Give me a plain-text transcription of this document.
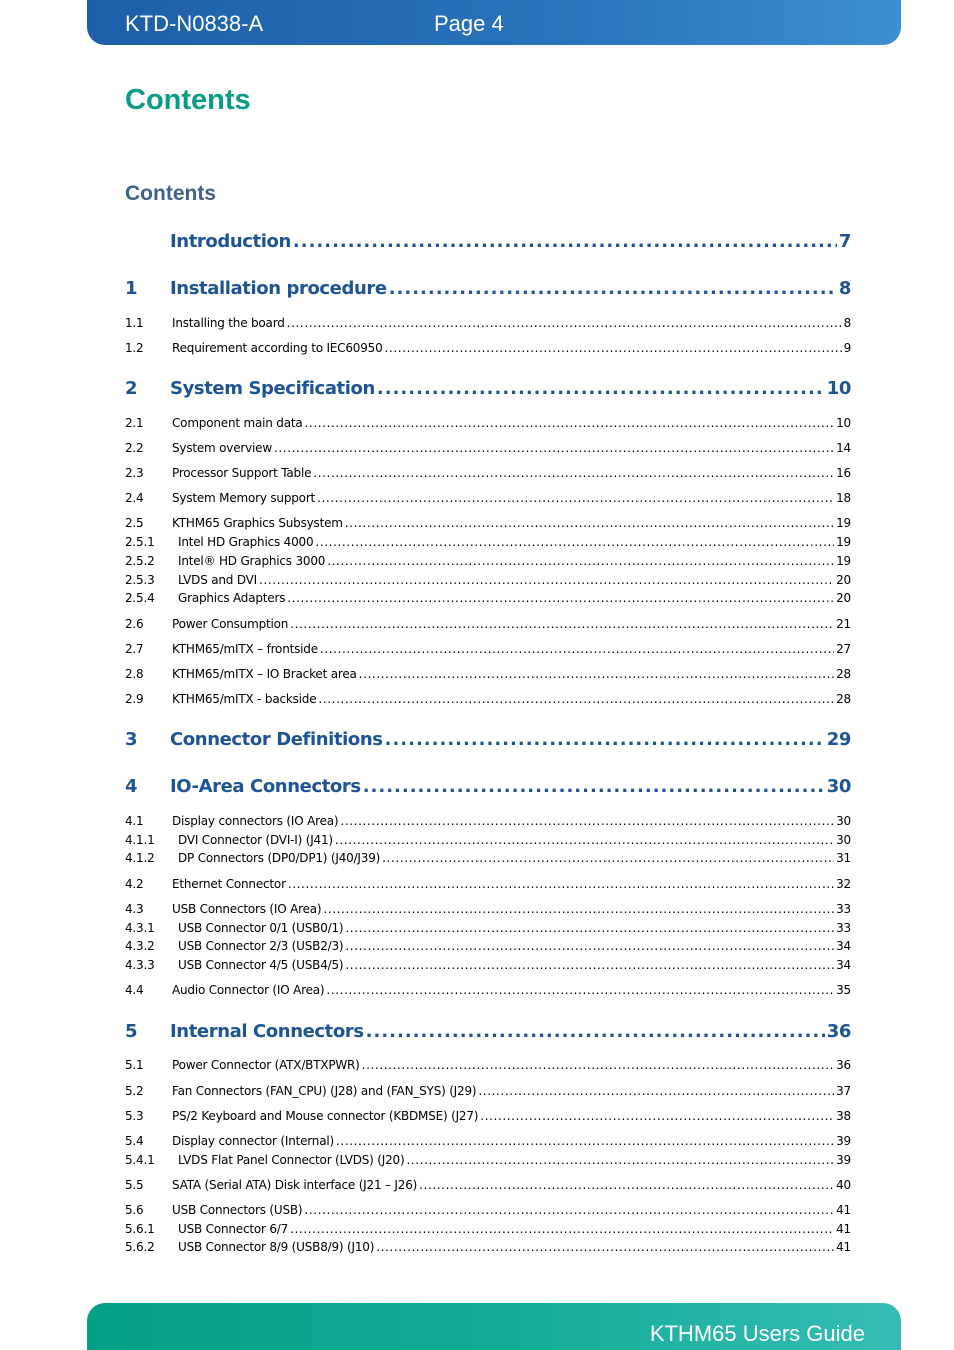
KTD-N0838-A	Page 4
Contents
Contents
Introduction .....	7
1	Installation procedure .....	8
1.1	Installing the board .....	8
1.2	Requirement according to IEC60950 .....	9
2	System Specification .....	10
2.1	Component main data .....	10
2.2	System overview .....	14
2.3	Processor Support Table .....	16
2.4	System Memory support .....	18
2.5	KTHM65 Graphics Subsystem .....	19
2.5.1	Intel HD Graphics 4000 .....	19
2.5.2	Intel® HD Graphics 3000 .....	19
2.5.3	LVDS and DVI .....	20
2.5.4	Graphics Adapters .....	20
2.6	Power Consumption .....	21
2.7	KTHM65/mITX – frontside .....	27
2.8	KTHM65/mITX – IO Bracket area .....	28
2.9	KTHM65/mITX - backside .....	28
3	Connector Definitions .....	29
4	IO-Area Connectors .....	30
4.1	Display connectors (IO Area) .....	30
4.1.1	DVI Connector (DVI-I) (J41) .....	30
4.1.2	DP Connectors (DP0/DP1) (J40/J39) .....	31
4.2	Ethernet Connector .....	32
4.3	USB Connectors (IO Area) .....	33
4.3.1	USB Connector 0/1 (USB0/1) .....	33
4.3.2	USB Connector 2/3 (USB2/3) .....	34
4.3.3	USB Connector 4/5 (USB4/5) .....	34
4.4	Audio Connector (IO Area) .....	35
5	Internal Connectors .....	36
5.1	Power Connector (ATX/BTXPWR) .....	36
5.2	Fan Connectors (FAN_CPU) (J28) and (FAN_SYS) (J29) .....	37
5.3	PS/2 Keyboard and Mouse connector (KBDMSE) (J27) .....	38
5.4	Display connector (Internal) .....	39
5.4.1	LVDS Flat Panel Connector (LVDS) (J20) .....	39
5.5	SATA (Serial ATA) Disk interface (J21 – J26) .....	40
5.6	USB Connectors (USB) .....	41
5.6.1	USB Connector 6/7 .....	41
5.6.2	USB Connector 8/9 (USB8/9) (J10) .....	41
KTHM65 Users Guide
